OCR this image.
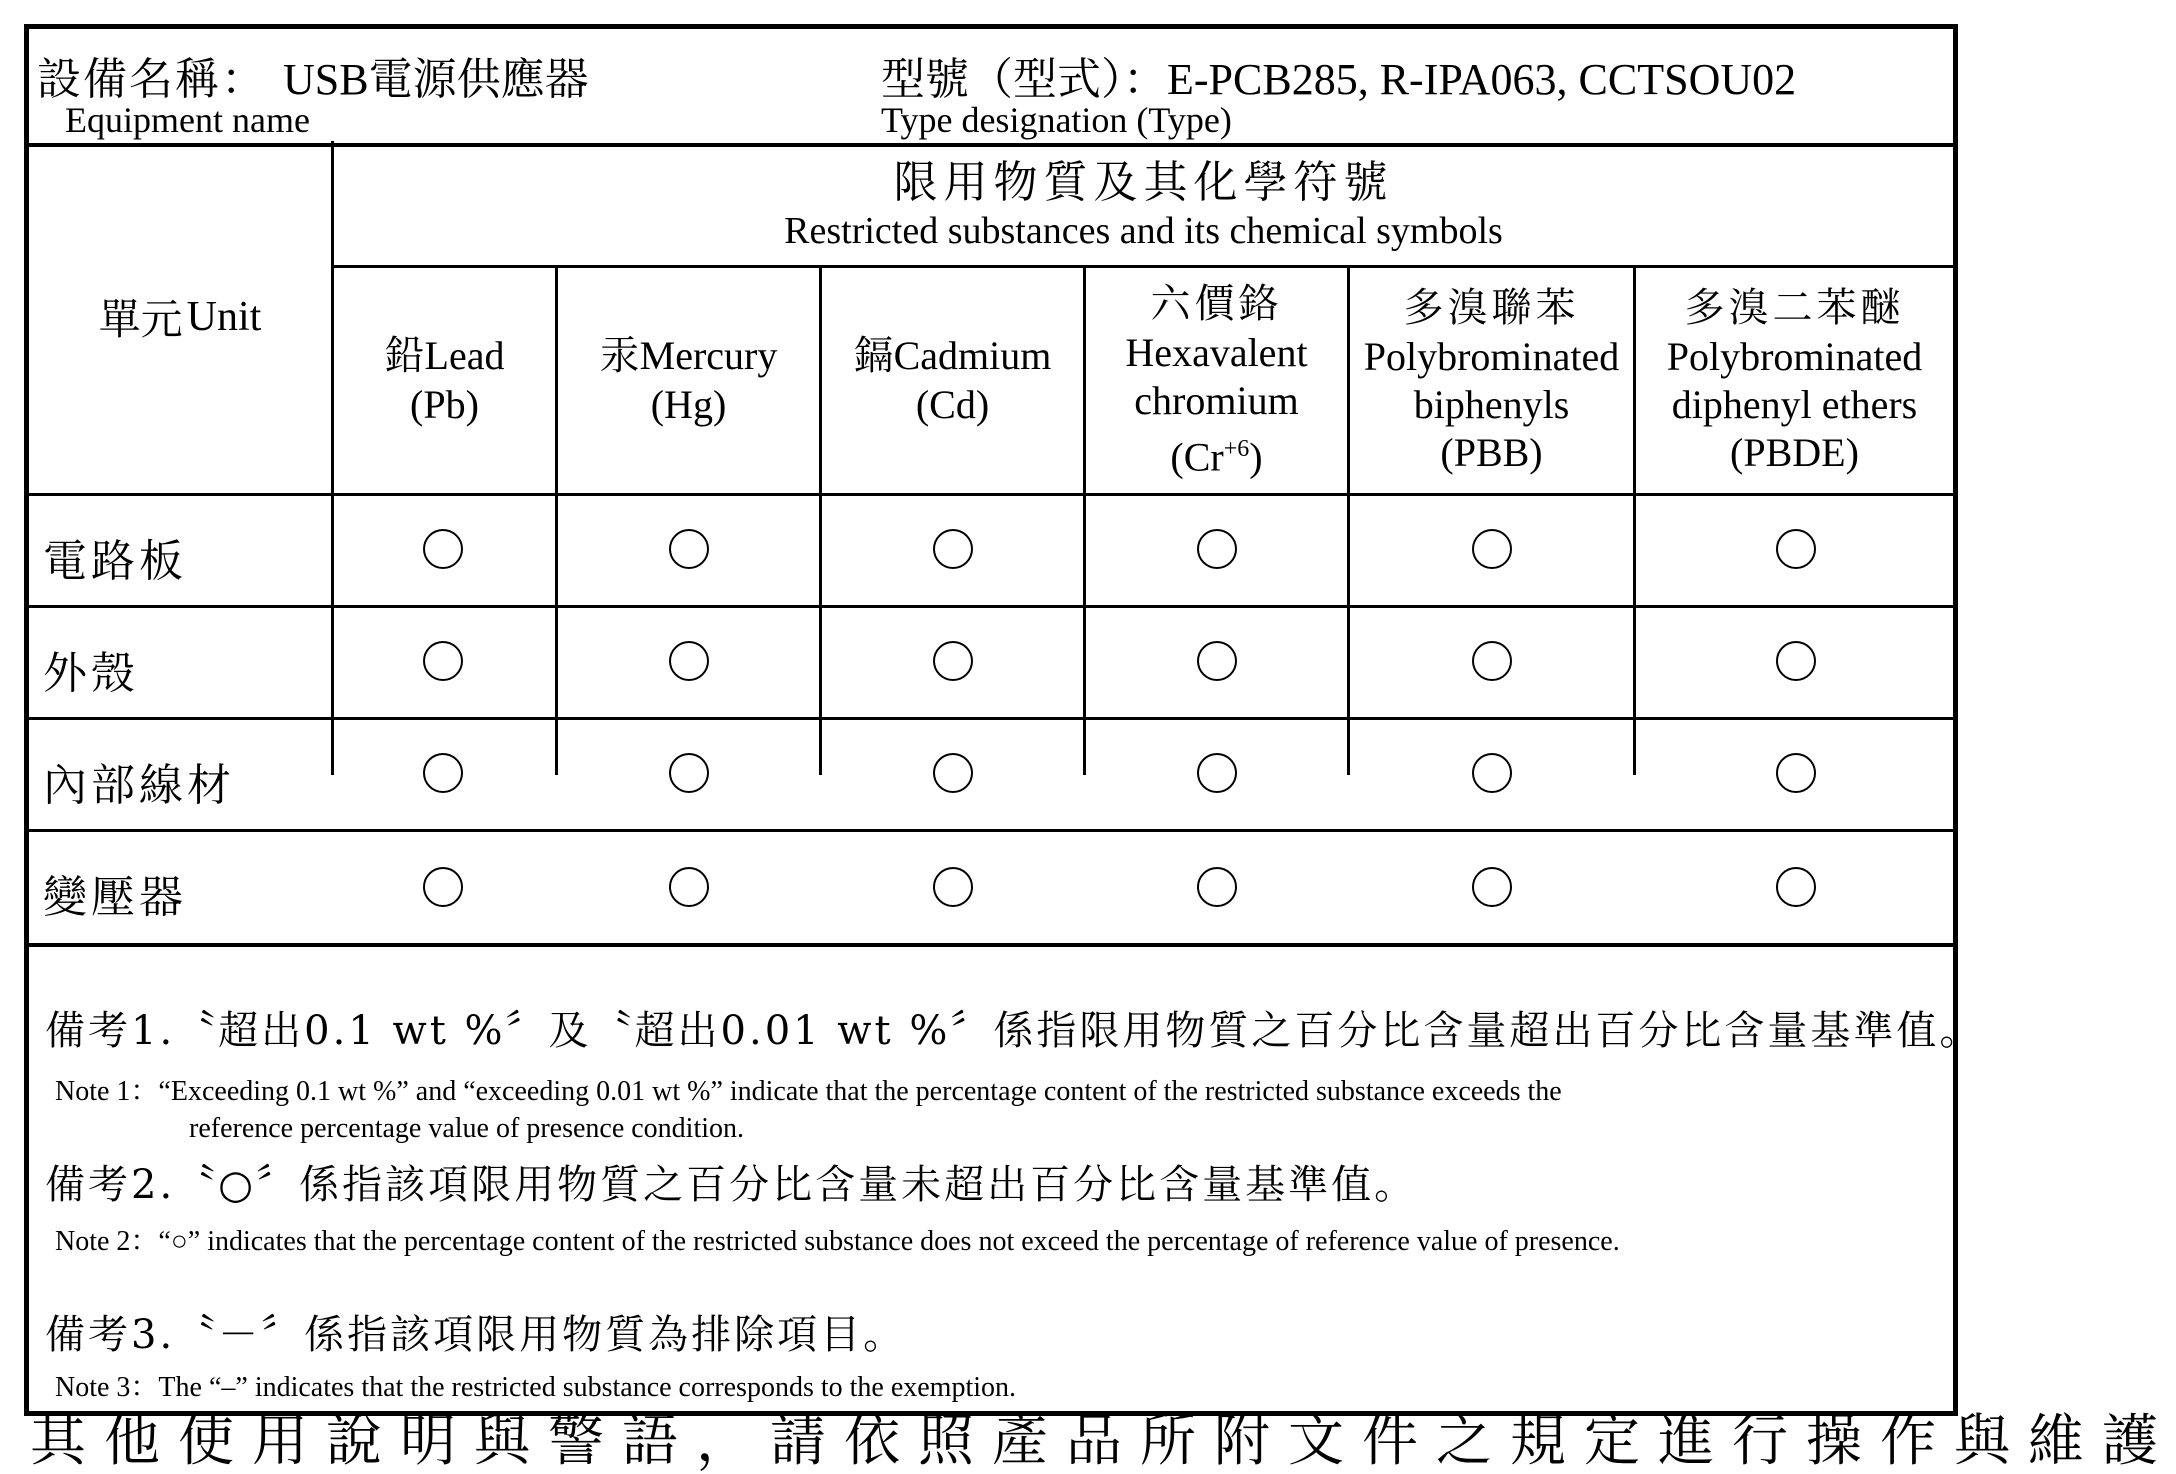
設備名稱： USB電源供應器
Equipment name
型號（型式）：E-PCB285, R-IPA063, CCTSOU02
Type designation (Type)
單元 Unit
限用物質及其化學符號
Restricted substances and its chemical symbols
鉛Lead
(Pb)
汞Mercury
(Hg)
鎘Cadmium
(Cd)
六價鉻
Hexavalent
chromium
$(Cr^{+6})$
多溴聯苯
Polybrominated
biphenyls
(PBB)
多溴二苯醚
Polybrominated
diphenyl ethers
(PBDE)
電路板
外殼
內部線材
變壓器
備考1.〝超出0.1 wt %〞及〝超出0.01 wt %〞係指限用物質之百分比含量超出百分比含量基準值。
Note 1：“Exceeding 0.1 wt %” and “exceeding 0.01 wt %” indicate that the percentage content of the restricted substance exceeds the
reference percentage value of presence condition.
備考2.〝○〞係指該項限用物質之百分比含量未超出百分比含量基準值。
Note 2：“○” indicates that the percentage content of the restricted substance does not exceed the percentage of reference value of presence.
備考3.〝－〞係指該項限用物質為排除項目。
Note 3：The “–” indicates that the restricted substance corresponds to the exemption.
其他使用說明與警語，請依照產品所附文件之規定進行操作與維護
